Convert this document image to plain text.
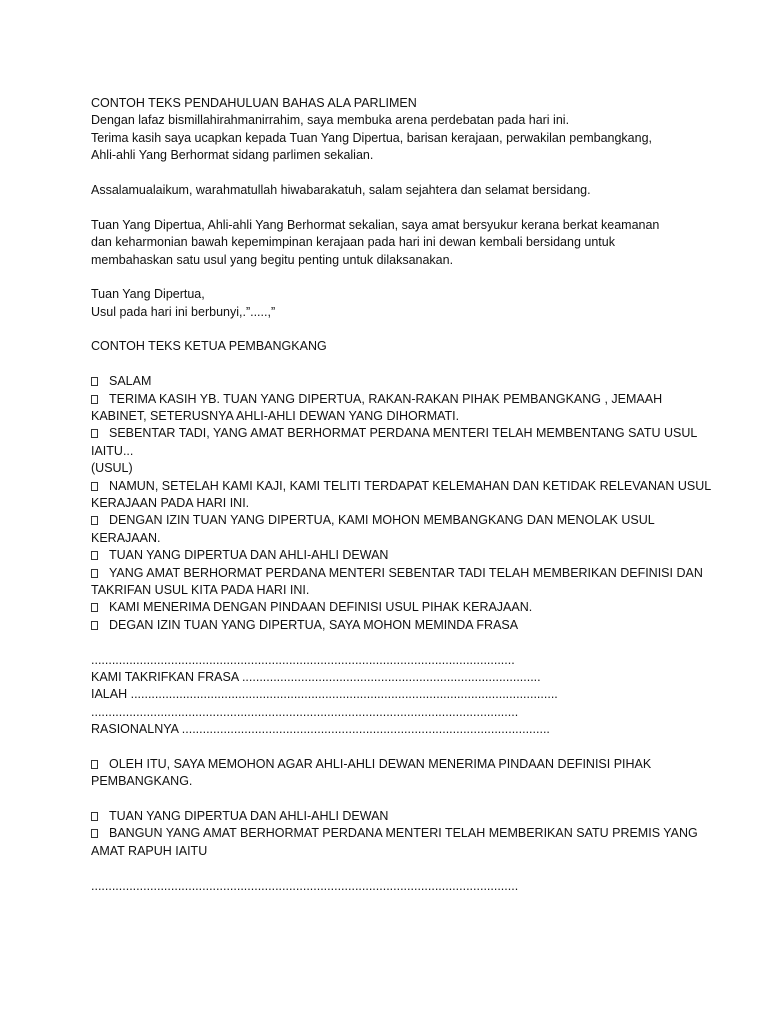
CONTOH TEKS PENDAHULUAN BAHAS ALA PARLIMEN
Dengan lafaz bismillahirahmanirrahim, saya membuka arena perdebatan pada hari ini.
Terima kasih saya ucapkan kepada Tuan Yang Dipertua, barisan kerajaan, perwakilan pembangkang,
Ahli-ahli Yang Berhormat sidang parlimen sekalian.
Assalamualaikum, warahmatullah hiwabarakatuh, salam sejahtera dan selamat bersidang.
Tuan Yang Dipertua, Ahli-ahli Yang Berhormat sekalian, saya amat bersyukur kerana berkat keamanan
dan keharmonian bawah kepemimpinan kerajaan pada hari ini dewan kembali bersidang untuk
membahaskan satu usul yang begitu penting untuk dilaksanakan.
Tuan Yang Dipertua,
Usul pada hari ini berbunyi,.”.....,”
CONTOH TEKS KETUA PEMBANGKANG
SALAM
TERIMA KASIH YB. TUAN YANG DIPERTUA, RAKAN-RAKAN PIHAK PEMBANGKANG , JEMAAH
KABINET, SETERUSNYA AHLI-AHLI DEWAN YANG DIHORMATI.
SEBENTAR TADI, YANG AMAT BERHORMAT PERDANA MENTERI TELAH MEMBENTANG SATU USUL
IAITU...
(USUL)
NAMUN, SETELAH KAMI KAJI, KAMI TELITI TERDAPAT KELEMAHAN DAN KETIDAK RELEVANAN USUL
KERAJAAN PADA HARI INI.
DENGAN IZIN TUAN YANG DIPERTUA, KAMI MOHON MEMBANGKANG DAN MENOLAK USUL
KERAJAAN.
TUAN YANG DIPERTUA DAN AHLI-AHLI DEWAN
YANG AMAT BERHORMAT PERDANA MENTERI SEBENTAR TADI TELAH MEMBERIKAN DEFINISI DAN
TAKRIFAN USUL KITA PADA HARI INI.
KAMI MENERIMA DENGAN PINDAAN DEFINISI USUL PIHAK KERAJAAN.
DEGAN IZIN TUAN YANG DIPERTUA, SAYA MOHON MEMINDA FRASA
..........................................................................................................................
KAMI TAKRIFKAN FRASA ......................................................................................
IALAH ...........................................................................................................................
...........................................................................................................................
RASIONALNYA ..........................................................................................................
OLEH ITU, SAYA MEMOHON AGAR AHLI-AHLI DEWAN MENERIMA PINDAAN DEFINISI PIHAK
PEMBANGKANG.
TUAN YANG DIPERTUA DAN AHLI-AHLI DEWAN
BANGUN YANG AMAT BERHORMAT PERDANA MENTERI TELAH MEMBERIKAN SATU PREMIS YANG
AMAT RAPUH IAITU
...........................................................................................................................
